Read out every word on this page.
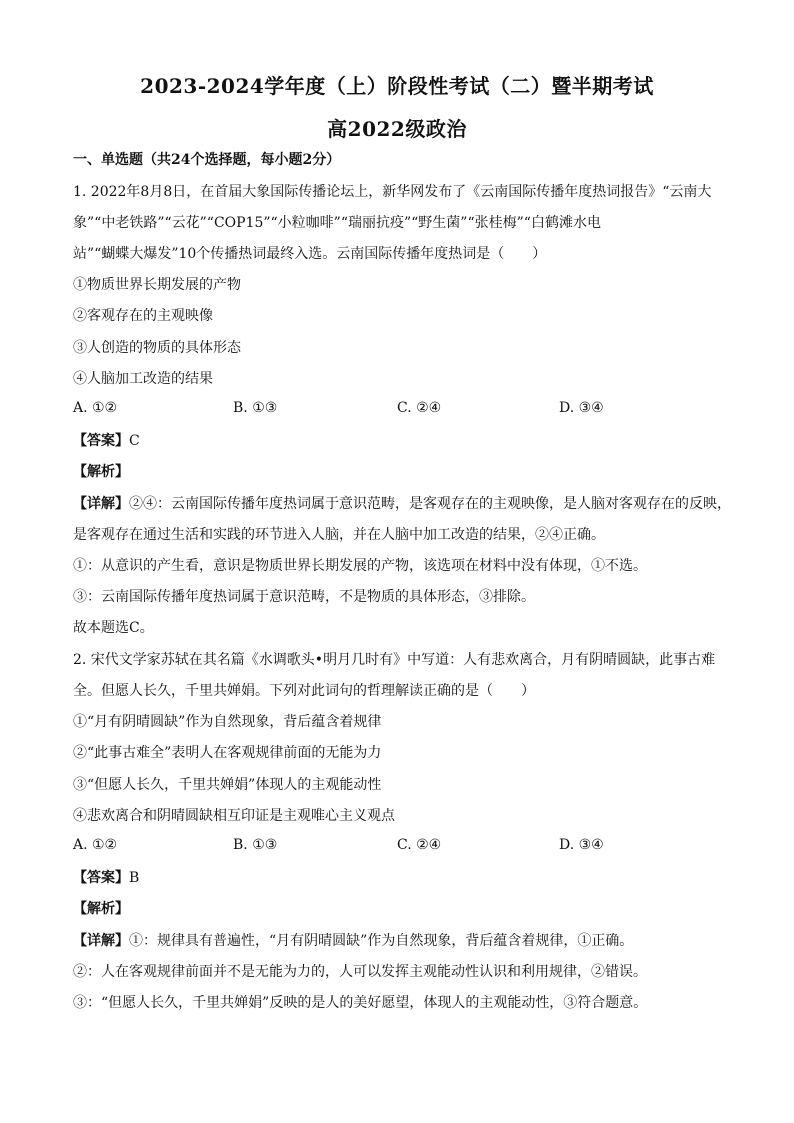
2023-2024学年度（上）阶段性考试（二）暨半期考试
高2022级政治
一、单选题（共24个选择题，每小题2分）
1. 2022年8月8日，在首届大象国际传播论坛上，新华网发布了《云南国际传播年度热词报告》“云南大
象”“中老铁路”“云花”“COP15”“小粒咖啡”“瑞丽抗疫”“野生菌”“张桂梅”“白鹤滩水电
站”“蝴蝶大爆发”10个传播热词最终入选。云南国际传播年度热词是（　　）
①物质世界长期发展的产物
②客观存在的主观映像
③人创造的物质的具体形态
④人脑加工改造的结果
A. ①②	B. ①③	C. ②④	D. ③④
【答案】C
【解析】
【详解】②④：云南国际传播年度热词属于意识范畴，是客观存在的主观映像，是人脑对客观存在的反映，
是客观存在通过生活和实践的环节进入人脑，并在人脑中加工改造的结果，②④正确。
①：从意识的产生看，意识是物质世界长期发展的产物，该选项在材料中没有体现，①不选。
③：云南国际传播年度热词属于意识范畴，不是物质的具体形态，③排除。
故本题选C。
2. 宋代文学家苏轼在其名篇《水调歌头•明月几时有》中写道：人有悲欢离合，月有阴晴圆缺，此事古难
全。但愿人长久，千里共婵娟。下列对此词句的哲理解读正确的是（　　）
①“月有阴晴圆缺”作为自然现象，背后蕴含着规律
②“此事古难全”表明人在客观规律前面的无能为力
③“但愿人长久，千里共婵娟”体现人的主观能动性
④悲欢离合和阴晴圆缺相互印证是主观唯心主义观点
A. ①②	B. ①③	C. ②④	D. ③④
【答案】B
【解析】
【详解】①：规律具有普遍性，“月有阴晴圆缺”作为自然现象，背后蕴含着规律，①正确。
②：人在客观规律前面并不是无能为力的，人可以发挥主观能动性认识和利用规律，②错误。
③：“但愿人长久，千里共婵娟”反映的是人的美好愿望，体现人的主观能动性，③符合题意。
